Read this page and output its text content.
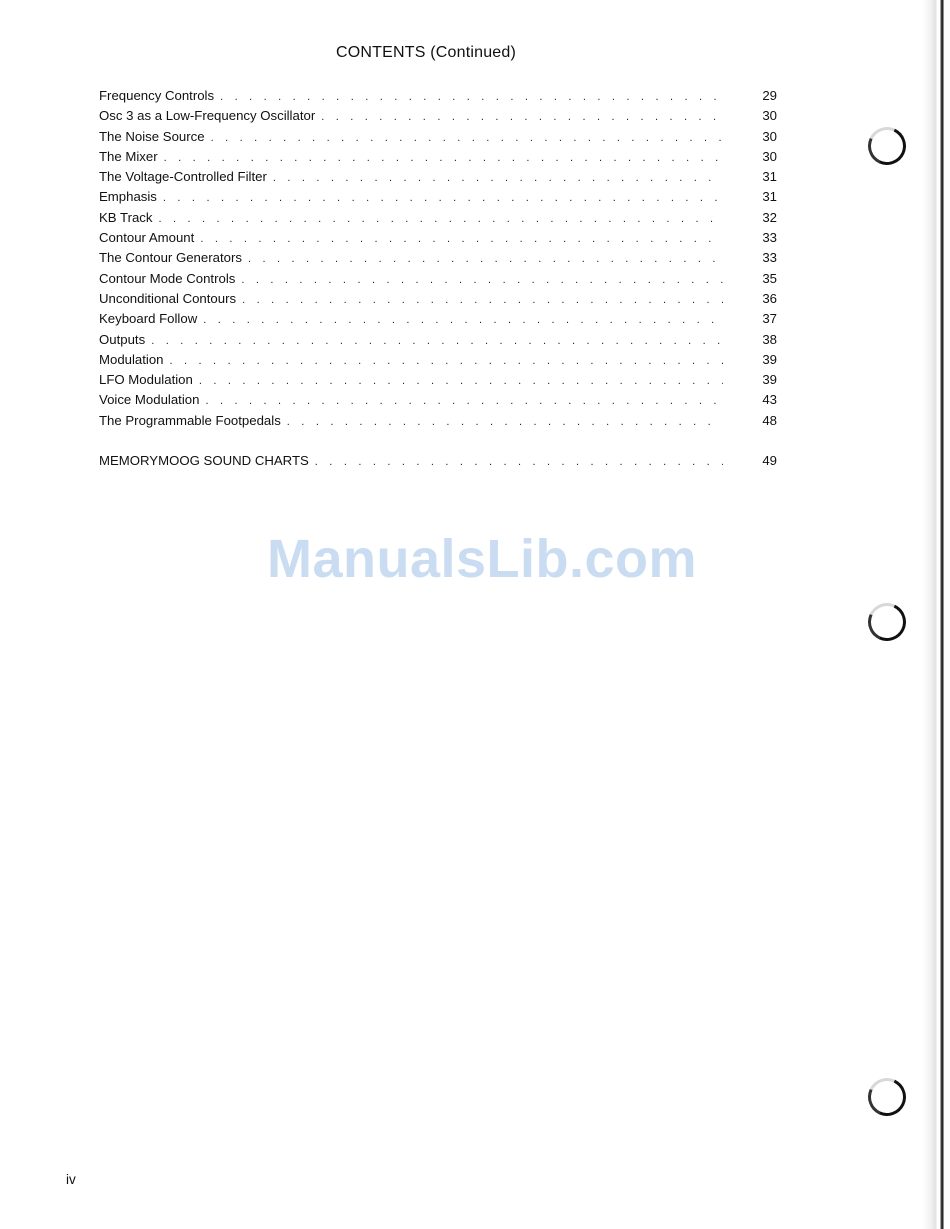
CONTENTS (Continued)
Frequency Controls . . .	29
Osc 3 as a Low-Frequency Oscillator . . .	30
The Noise Source . . .	30
The Mixer . . .	30
The Voltage-Controlled Filter . . .	31
Emphasis . . .	31
KB Track . . .	32
Contour Amount . . .	33
The Contour Generators . . .	33
Contour Mode Controls . . .	35
Unconditional Contours . . .	36
Keyboard Follow . . .	37
Outputs . . .	38
Modulation . . .	39
LFO Modulation . . .	39
Voice Modulation . . .	43
The Programmable Footpedals . . .	48
MEMORYMOOG SOUND CHARTS . . .	49
ManualsLib.com
iv
